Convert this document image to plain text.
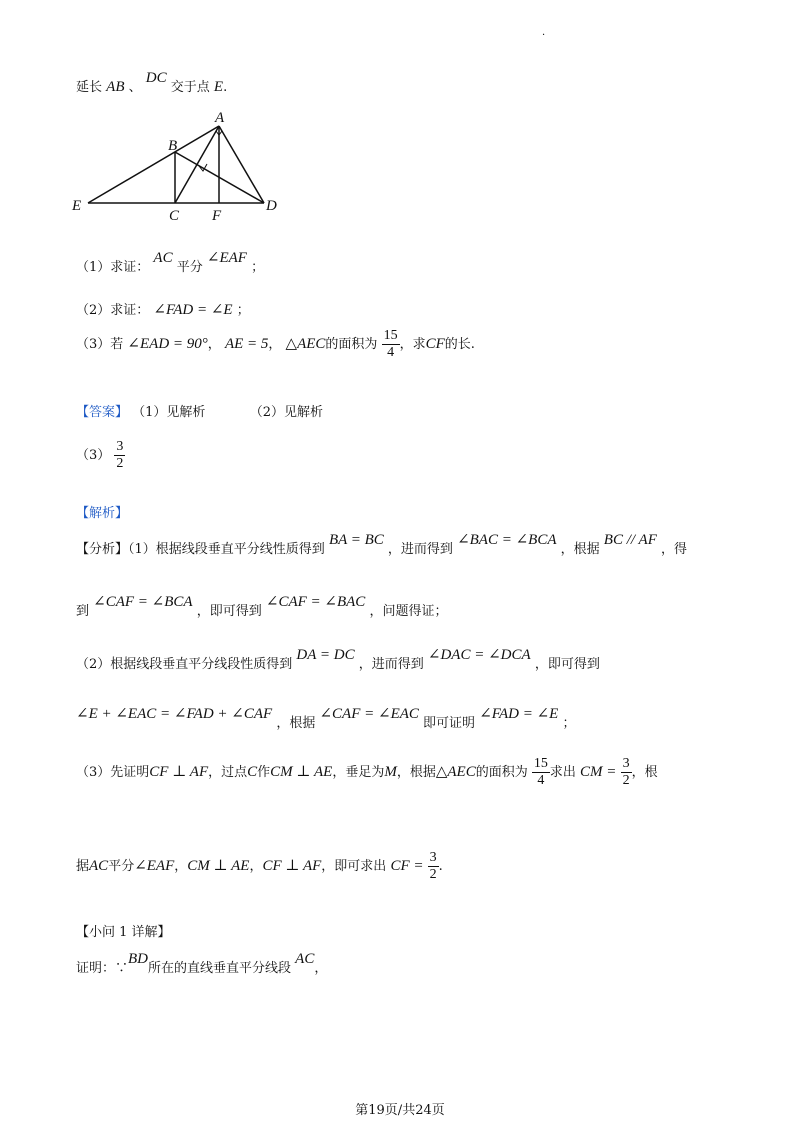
·
延长 AB 、 DC 交于点 E.
A
B
C
D
E
F
（1）求证： AC 平分 ∠EAF ；
（2）求证： ∠FAD = ∠E ；
（3）若 ∠EAD = 90°， AE = 5， △AEC的面积为 $\frac{15}{4}$ ，求CF的长.
【答案】 （1）见解析	（2）见解析
$(3) \frac{3}{2}$
【解析】
【分析】（1）根据线段垂直平分线性质得到 BA = BC ，进而得到 ∠BAC = ∠BCA ，根据 BC // AF ，得
到 ∠CAF = ∠BCA ，即可得到 ∠CAF = ∠BAC ，问题得证；
（2）根据线段垂直平分线段性质得到 DA = DC ，进而得到 ∠DAC = ∠DCA ，即可得到
∠E + ∠EAC = ∠FAD + ∠CAF ，根据 ∠CAF = ∠EAC 即可证明 ∠FAD = ∠E ；
（3）先证明CF ⊥ AF，过点C作CM ⊥ AE，垂足为M，根据△AEC的面积为 $\frac{15}{4}$ 求出 CM = $\frac{3}{2}$ ，根
据AC平分∠EAF，CM ⊥ AE，CF ⊥ AF，即可求出 CF = $\frac{3}{2}$ .
【小问 1 详解】
证明：∵BD所在的直线垂直平分线段 AC，
第19页/共24页
